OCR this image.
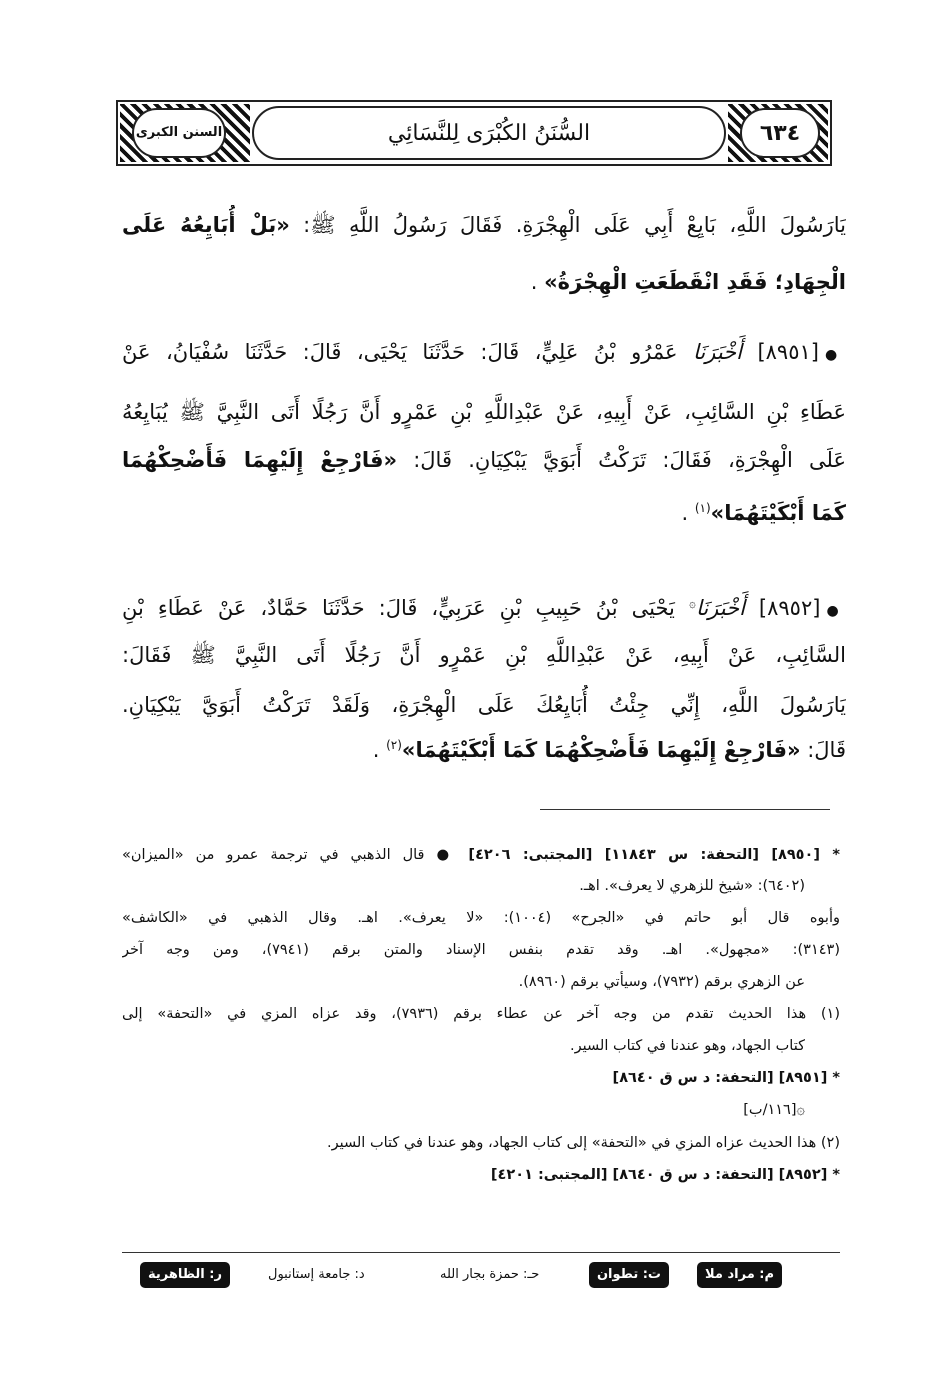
السنن الكبرى	٦٣٤
السُّنَنُ الكُبْرَى لِلنَّسَائِي
يَارَسُولَ اللَّهِ، بَايِعْ أَبِي عَلَى الْهِجْرَةِ. فَقَالَ رَسُولُ اللَّهِ ﷺ: «بَلْ أُبَايِعُهُ عَلَى
الْجِهَادِ؛ فَقَدِ انْقَطَعَتِ الْهِجْرَةُ» .
●[٨٩٥١] أَخْبَرَنَا عَمْرُو بْنُ عَلِيٍّ، قَالَ: حَدَّثَنَا يَحْيَى، قَالَ: حَدَّثَنَا سُفْيَانُ، عَنْ
عَطَاءِ بْنِ السَّائِبِ، عَنْ أَبِيهِ، عَنْ عَبْدِاللَّهِ بْنِ عَمْرٍو أَنَّ رَجُلًا أَتَى النَّبِيَّ ﷺ يُبَايِعُهُ
عَلَى الْهِجْرَةِ، فَقَالَ: تَرَكْتُ أَبَوَيَّ يَبْكِيَانِ. قَالَ: «فَارْجِعْ إِلَيْهِمَا فَأَضْحِكْهُمَا
كَمَا أَبْكَيْتَهُمَا»$^{(١)}$ .
●[٨٩٥٢] أَخْبَرَنَا۞ يَحْيَى بْنُ حَبِيبِ بْنِ عَرَبِيٍّ، قَالَ: حَدَّثَنَا حَمَّادٌ، عَنْ عَطَاءِ بْنِ
السَّائِبِ، عَنْ أَبِيهِ، عَنْ عَبْدِاللَّهِ بْنِ عَمْرٍو أَنَّ رَجُلًا أَتَى النَّبِيَّ ﷺ فَقَالَ:
يَارَسُولَ اللَّهِ، إِنِّي جِئْتُ أُبَايِعُكَ عَلَى الْهِجْرَةِ، وَلَقَدْ تَرَكْتُ أَبَوَيَّ يَبْكِيَانِ.
قَالَ: «فَارْجِعْ إِلَيْهِمَا فَأَضْحِكْهُمَا كَمَا أَبْكَيْتَهُمَا»$^{(٢)}$ .
* [٨٩٥٠] [التحفة: س ١١٨٤٣] [المجتبى: ٤٢٠٦] ● قال الذهبي في ترجمة عمرو من «الميزان»
(٦٤٠٢): «شيخ للزهري لا يعرف». اهـ.
وأبوه قال أبو حاتم في «الجرح» (١٠٠٤): «لا يعرف». اهـ. وقال الذهبي في «الكاشف»
(٣١٤٣): «مجهول». اهـ. وقد تقدم بنفس الإسناد والمتن برقم (٧٩٤١)، ومن وجه آخر
عن الزهري برقم (٧٩٣٢)، وسيأتي برقم (٨٩٦٠).
(١) هذا الحديث تقدم من وجه آخر عن عطاء برقم (٧٩٣٦)، وقد عزاه المزي في «التحفة» إلى
كتاب الجهاد، وهو عندنا في كتاب السير.
* [٨٩٥١] [التحفة: د س ق ٨٦٤٠]
۞[١١٦/ب]
(٢) هذا الحديث عزاه المزي في «التحفة» إلى كتاب الجهاد، وهو عندنا في كتاب السير.
* [٨٩٥٢] [التحفة: د س ق ٨٦٤٠] [المجتبى: ٤٢٠١]
م: مراد ملا
ت: تطوان
حـ: حمزة بجار الله
د: جامعة إستانبول
ر: الظاهرية
